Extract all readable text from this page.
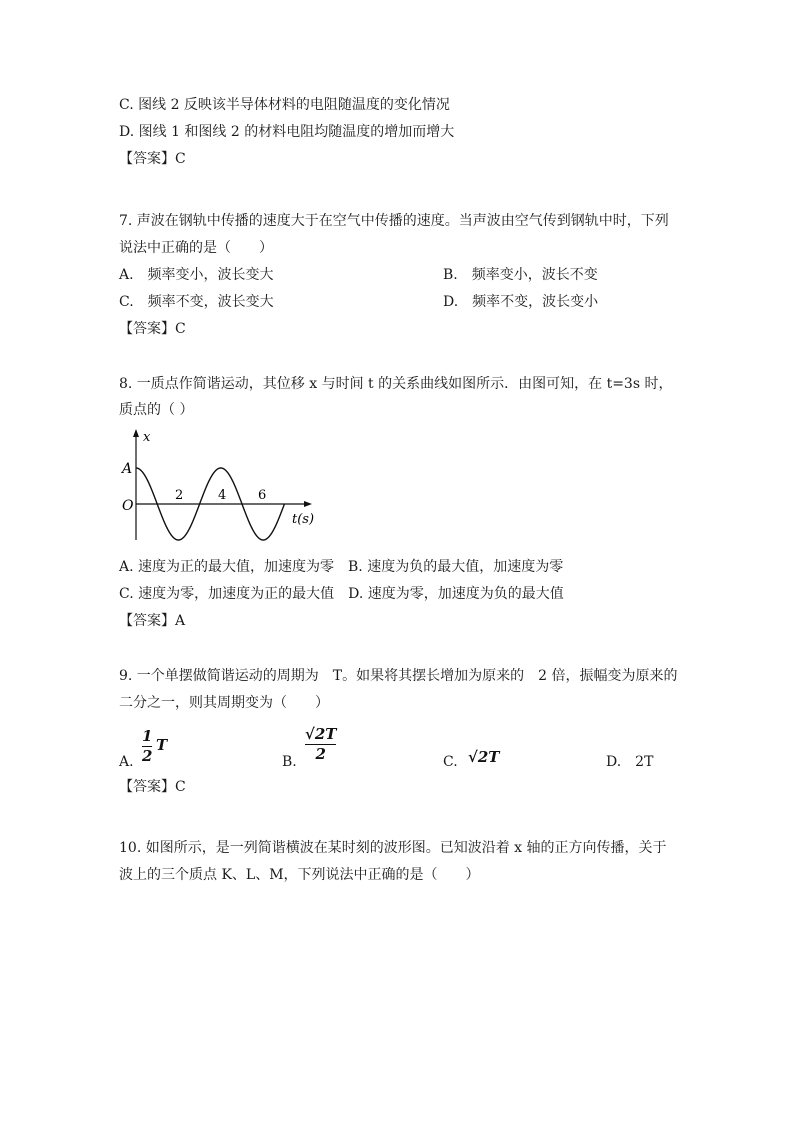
C. 图线 2 反映该半导体材料的电阻随温度的变化情况
D. 图线 1 和图线 2 的材料电阻均随温度的增加而增大
【答案】C
7. 声波在钢轨中传播的速度大于在空气中传播的速度。当声波由空气传到钢轨中时，下列
说法中正确的是（　　）
A.　频率变小，波长变大	B.　频率变小，波长不变
C.　频率不变，波长变大	D.　频率不变，波长变小
【答案】C
8. 一质点作简谐运动，其位移 x 与时间 t 的关系曲线如图所示．由图可知，在 t=3s 时，
质点的（ ）
x
A
O
2	4 6
t(s)
A. 速度为正的最大值，加速度为零　B. 速度为负的最大值，加速度为零
C. 速度为零，加速度为正的最大值　D. 速度为零，加速度为负的最大值
【答案】A
9. 一个单摆做简谐运动的周期为　T。如果将其摆长增加为原来的　2 倍，振幅变为原来的
二分之一，则其周期变为（　　）
A.
1
2
T
B.
√2T
2	C. √2T	D.　2T
【答案】C
10. 如图所示，是一列简谐横波在某时刻的波形图。已知波沿着 x 轴的正方向传播，关于
波上的三个质点 K、L、M，下列说法中正确的是（　　）
